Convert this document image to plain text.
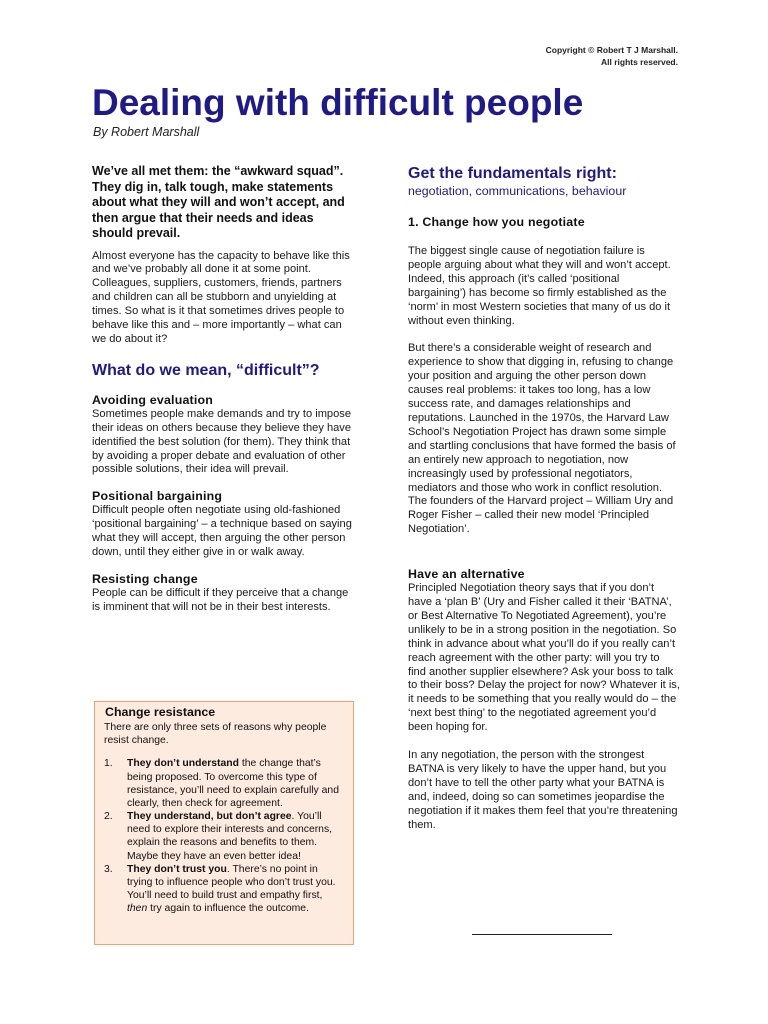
Copyright © Robert T J Marshall.
All rights reserved.
Dealing with difficult people
By Robert Marshall

We’ve all met them: the “awkward squad”. They dig in, talk tough, make statements about what they will and won’t accept, and then argue that their needs and ideas should prevail.

Almost everyone has the capacity to behave like this and we’ve probably all done it at some point. Colleagues, suppliers, customers, friends, partners and children can all be stubborn and unyielding at times. So what is it that sometimes drives people to behave like this and – more importantly – what can we do about it?

What do we mean, “difficult”?
Avoiding evaluation

Sometimes people make demands and try to impose their ideas on others because they believe they have identified the best solution (for them). They think that by avoiding a proper debate and evaluation of other possible solutions, their idea will prevail.

Positional bargaining

Difficult people often negotiate using old-fashioned ‘positional bargaining’ – a technique based on saying what they will accept, then arguing the other person down, until they either give in or walk away.

Resisting change

People can be difficult if they perceive that a change is imminent that will not be in their best interests.

Change resistance

There are only three sets of reasons why people resist change.

1. They don’t understand the change that’s being proposed. To overcome this type of resistance, you’ll need to explain carefully and clearly, then check for agreement.
2. They understand, but don’t agree. You’ll need to explore their interests and concerns, explain the reasons and benefits to them. Maybe they have an even better idea!
3. They don’t trust you. There’s no point in trying to influence people who don’t trust you. You’ll need to build trust and empathy first, then try again to influence the outcome.
Get the fundamentals right:

negotiation, communications, behaviour

1. Change how you negotiate

The biggest single cause of negotiation failure is people arguing about what they will and won’t accept. Indeed, this approach (it’s called ‘positional bargaining’) has become so firmly established as the ‘norm’ in most Western societies that many of us do it without even thinking.

But there’s a considerable weight of research and experience to show that digging in, refusing to change your position and arguing the other person down causes real problems: it takes too long, has a low success rate, and damages relationships and reputations. Launched in the 1970s, the Harvard Law School’s Negotiation Project has drawn some simple and startling conclusions that have formed the basis of an entirely new approach to negotiation, now increasingly used by professional negotiators, mediators and those who work in conflict resolution. The founders of the Harvard project – William Ury and Roger Fisher – called their new model ‘Principled Negotiation’.

Have an alternative

Principled Negotiation theory says that if you don’t have a ‘plan B’ (Ury and Fisher called it their ‘BATNA’, or Best Alternative To Negotiated Agreement), you’re unlikely to be in a strong position in the negotiation. So think in advance about what you’ll do if you really can’t reach agreement with the other party: will you try to find another supplier elsewhere? Ask your boss to talk to their boss? Delay the project for now? Whatever it is, it needs to be something that you really would do – the ‘next best thing’ to the negotiated agreement you’d been hoping for.

In any negotiation, the person with the strongest BATNA is very likely to have the upper hand, but you don’t have to tell the other party what your BATNA is and, indeed, doing so can sometimes jeopardise the negotiation if it makes them feel that you’re threatening them.
